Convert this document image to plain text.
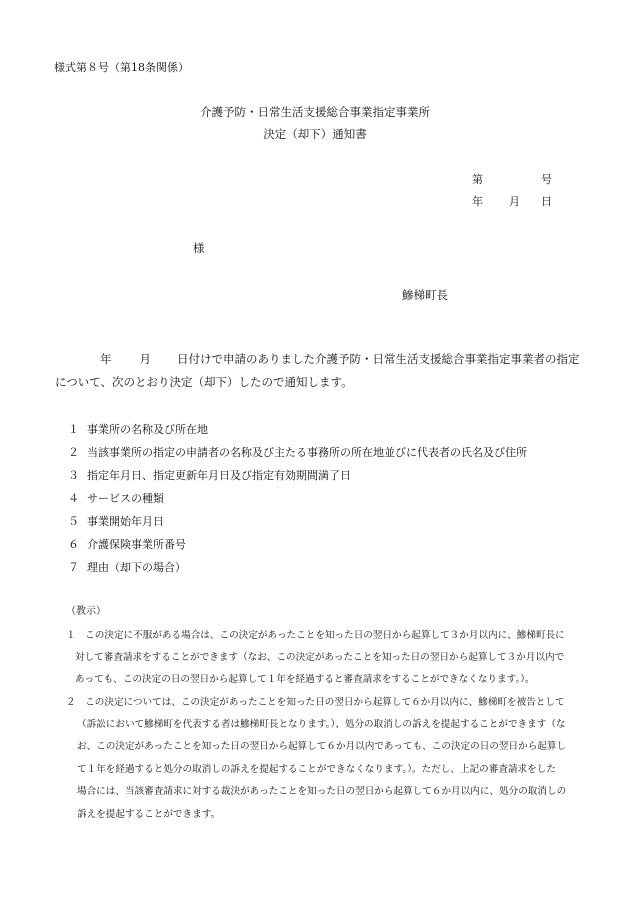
様式第８号（第18条関係）
介護予防・日常生活支援総合事業指定事業所
決定（却下）通知書
第	号
年 月 日
様
鰺梯町長
年 月 日付けで申請のありました介護予防・日常生活支援総合事業指定事業者の指定
について、次のとおり決定（却下）したので通知します。
１ 事業所の名称及び所在地
２ 当該事業所の指定の申請者の名称及び主たる事務所の所在地並びに代表者の氏名及び住所
３ 指定年月日、指定更新年月日及び指定有効期間満了日
４ サービスの種類
５ 事業開始年月日
６ 介護保険事業所番号
７ 理由（却下の場合）
（教示）
１　この決定に不服がある場合は、この決定があったことを知った日の翌日から起算して３か月以内に、鰺梯町長に
対して審査請求をすることができます（なお、この決定があったことを知った日の翌日から起算して３か月以内で
あっても、この決定の日の翌日から起算して１年を経過すると審査請求をすることができなくなります。）。
２　この決定については、この決定があったことを知った日の翌日から起算して６か月以内に、鰺梯町を被告として
（訴訟において鰺梯町を代表する者は鰺梯町長となります。）、処分の取消しの訴えを提起することができます（な
お、この決定があったことを知った日の翌日から起算して６か月以内であっても、この決定の日の翌日から起算し
て１年を経過すると処分の取消しの訴えを提起することができなくなります。）。ただし、上記の審査請求をした
場合には、当該審査請求に対する裁決があったことを知った日の翌日から起算して６か月以内に、処分の取消しの
訴えを提起することができます。
